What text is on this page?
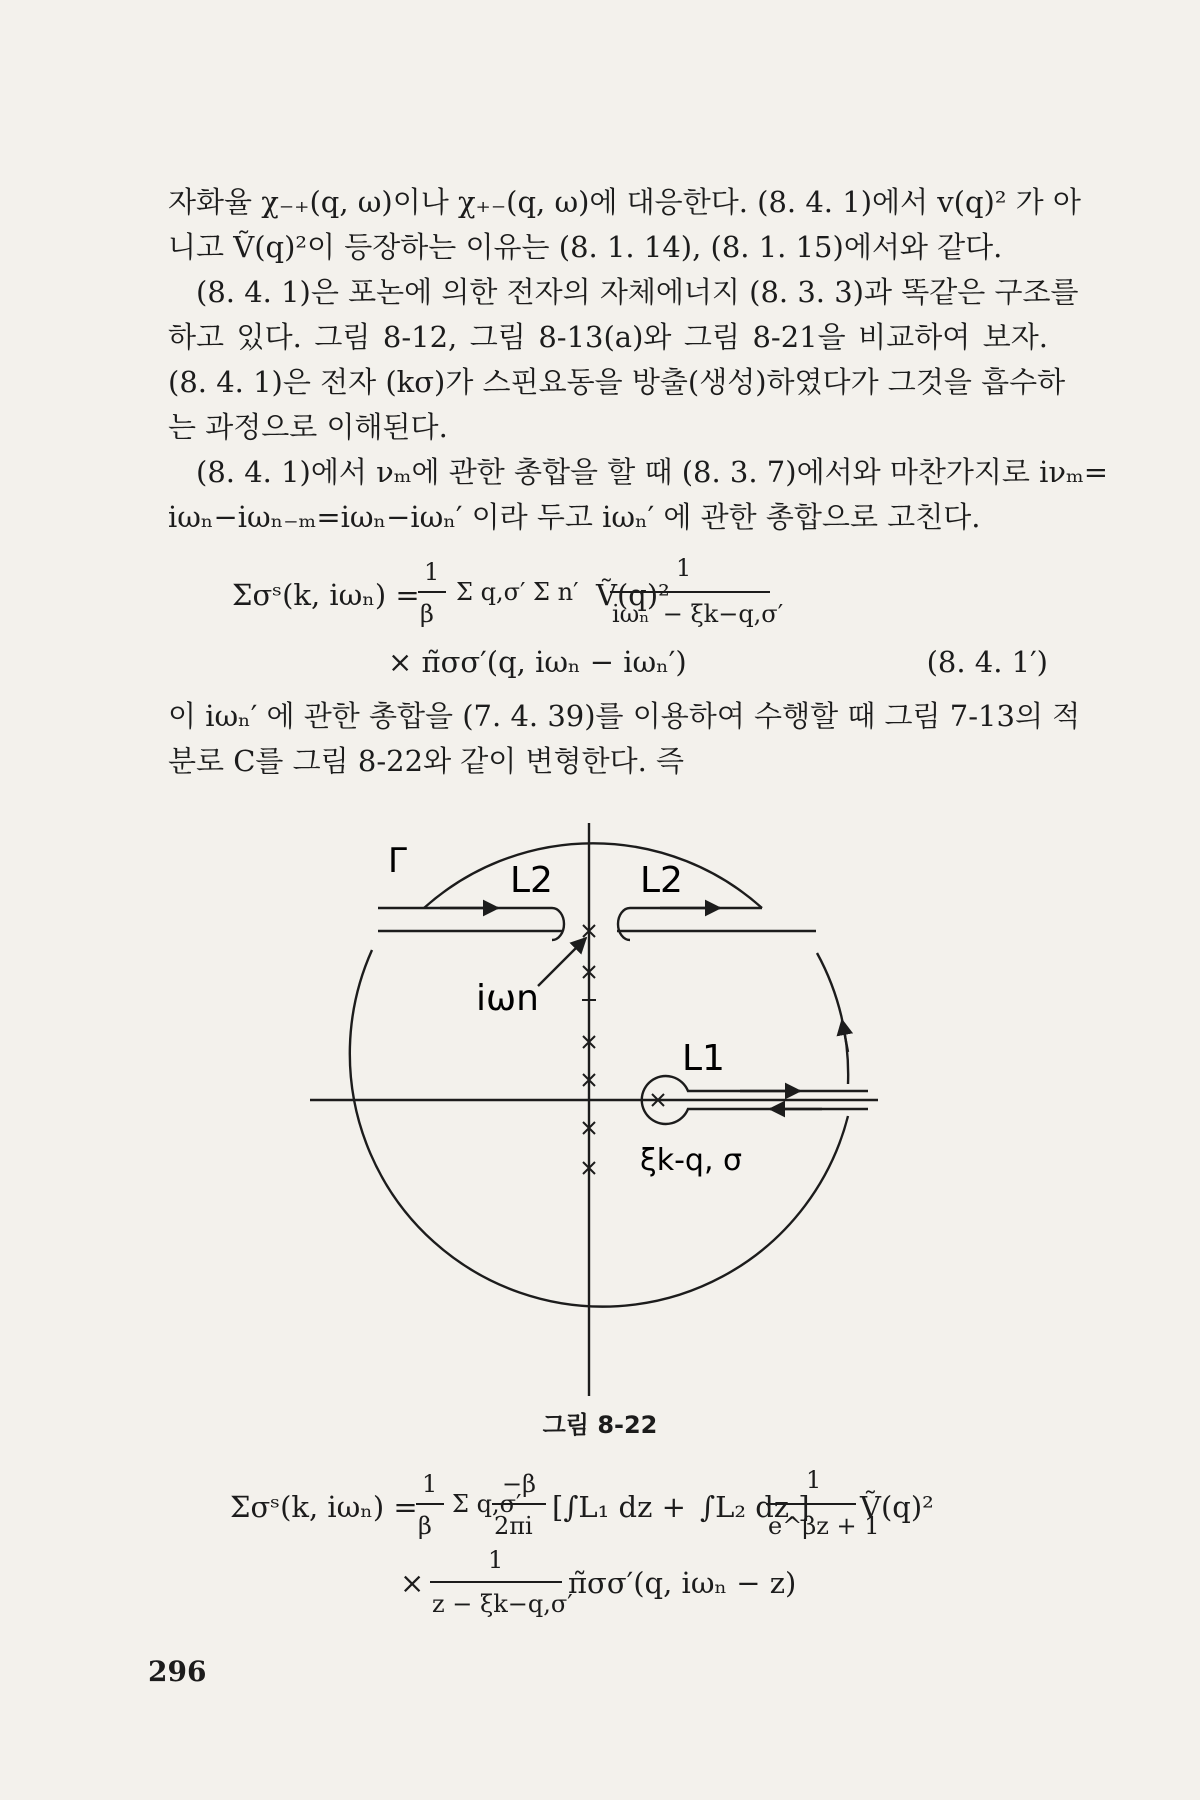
자화율 χ₋₊(q, ω)이나 χ₊₋(q, ω)에 대응한다. (8. 4. 1)에서 v(q)² 가 아
니고 Ṽ(q)²이 등장하는 이유는 (8. 1. 14), (8. 1. 15)에서와 같다.
(8. 4. 1)은 포논에 의한 전자의 자체에너지 (8. 3. 3)과 똑같은 구조를
하고 있다. 그림 8-12, 그림 8-13(a)와 그림 8-21을 비교하여 보자.
(8. 4. 1)은 전자 (kσ)가 스핀요동을 방출(생성)하였다가 그것을 흡수하
는 과정으로 이해된다.
(8. 4. 1)에서 νₘ에 관한 총합을 할 때 (8. 3. 7)에서와 마찬가지로 iνₘ=
iωₙ−iωₙ₋ₘ=iωₙ−iωₙ′ 이라 두고 iωₙ′ 에 관한 총합으로 고친다.
Σσˢ(k, iωₙ) =
1
β
Σ q,σ′ Σ n′ Ṽ(q)²
1
iωₙ′ − ξk−q,σ′
× π̃σσ′(q, iωₙ − iωₙ′)	(8. 4. 1′)
이 iωₙ′ 에 관한 총합을 (7. 4. 39)를 이용하여 수행할 때 그림 7-13의 적
분로 C를 그림 8-22와 같이 변형한다. 즉
Γ	L2 L2
L1
iωn
ξk-q, σ
그림 8-22
Σσˢ(k, iωₙ) =
1
β
Σ q,σ′
−β
2πi
[∫L₁ dz + ∫L₂ dz ]
1
e^βz + 1
Ṽ(q)²
×
1
z − ξk−q,σ′
π̃σσ′(q, iωₙ − z)
296
